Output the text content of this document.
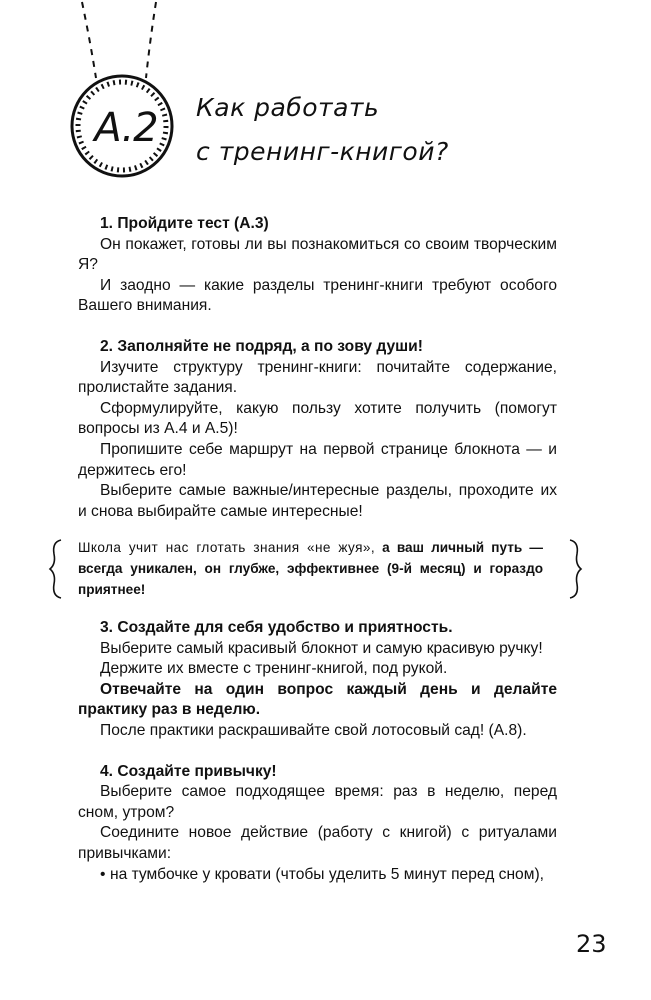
A.2	Как работать
с тренинг-книгой?
1. Пройдите тест (А.3)
Он покажет, готовы ли вы познакомиться со своим творческим Я?
И заодно — какие разделы тренинг-книги требуют особого Вашего внимания.
2. Заполняйте не подряд, а по зову души!
Изучите структуру тренинг-книги: почитайте содержание, пролистайте задания.
Сформулируйте, какую пользу хотите получить (помогут вопросы из А.4 и А.5)!
Пропишите себе маршрут на первой странице блокнота — и держитесь его!
Выберите самые важные/интересные разделы, проходите их и снова выбирайте самые интересные!
Школа учит нас глотать знания «не жуя», а ваш личный путь — всегда уникален, он глубже, эффективнее (9-й месяц) и гораздо приятнее!
3. Создайте для себя удобство и приятность.
Выберите самый красивый блокнот и самую красивую ручку!
Держите их вместе с тренинг-книгой, под рукой.
Отвечайте на один вопрос каждый день и делайте практику раз в неделю.
После практики раскрашивайте свой лотосовый сад! (А.8).
4. Создайте привычку!
Выберите самое подходящее время: раз в неделю, перед сном, утром?
Соедините новое действие (работу с книгой) с ритуалами привычками:
• на тумбочке у кровати (чтобы уделить 5 минут перед сном),
23
